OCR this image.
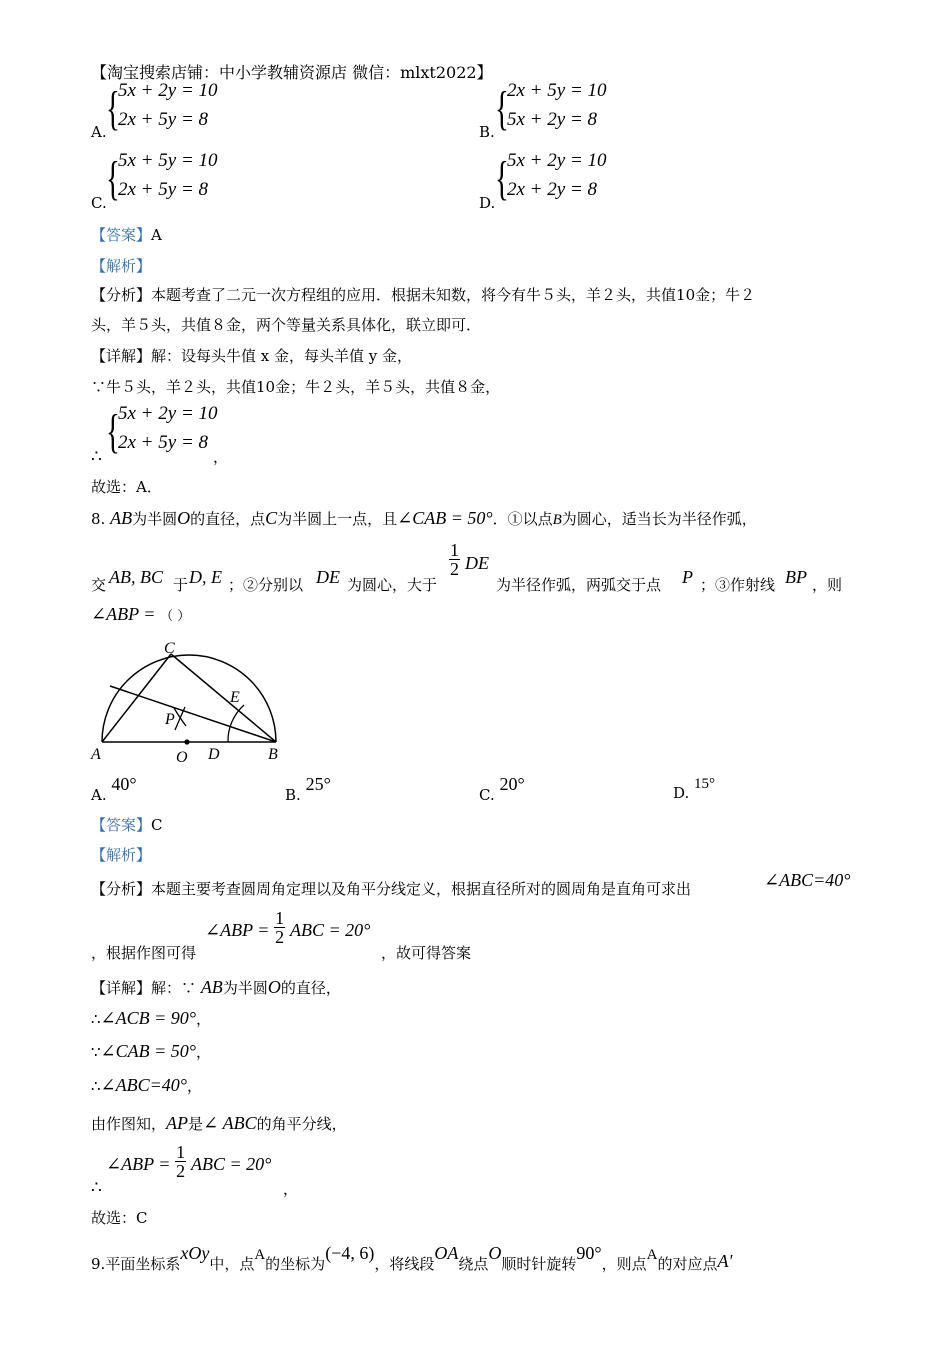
【淘宝搜索店铺：中小学教辅资源店 微信：mlxt2022】
A. {
5x + 2y = 10
2x + 5y = 8
B. {
2x + 5y = 10
5x + 2y = 8
C. {
5x + 5y = 10
2x + 5y = 8
D. {
5x + 2y = 10
2x + 2y = 8
【答案】A
【解析】
【分析】本题考查了二元一次方程组的应用．根据未知数，将今有牛５头，羊２头，共值10金；牛２
头，羊５头，共值８金，两个等量关系具体化，联立即可．
【详解】解：设每头牛值 x 金，每头羊值 y 金，
∵牛５头，羊２头，共值10金；牛２头，羊５头，共值８金，
∴ {
5x + 2y = 10
2x + 5y = 8
，
故选：A．
8. AB为半圆O的直径，点C为半圆上一点，且∠CAB = 50°．①以点B为圆心，适当长为半径作弧，
交 AB, BC 于 D, E ；②分别以 DE 为圆心，大于
$\frac{1}{2}$ DE
为半径作弧，两弧交于点 P ；③作射线 BP ，则
∠ABP = （ ）
C
E
P
A	O D	B
A. 40°
B. 25°
C. 20°	D. 15°
【答案】C
【解析】
【分析】本题主要考查圆周角定理以及角平分线定义，根据直径所对的圆周角是直角可求出	∠ABC=40°
，根据作图可得
∠ABP = $\frac{1}{2}$ ABC = 20°
，故可得答案
【详解】解：∵ AB为半圆O的直径，
∴∠ACB = 90°，
∵∠CAB = 50°，
∴∠ABC=40°，
由作图知，AP是∠ ABC的角平分线，
∴
∠ABP = $\frac{1}{2}$ ABC = 20°
，
故选：C
9.平面坐标系xOy中，点A的坐标为(−4, 6)，将线段OA绕点O顺时针旋转90°，则点A的对应点A′
